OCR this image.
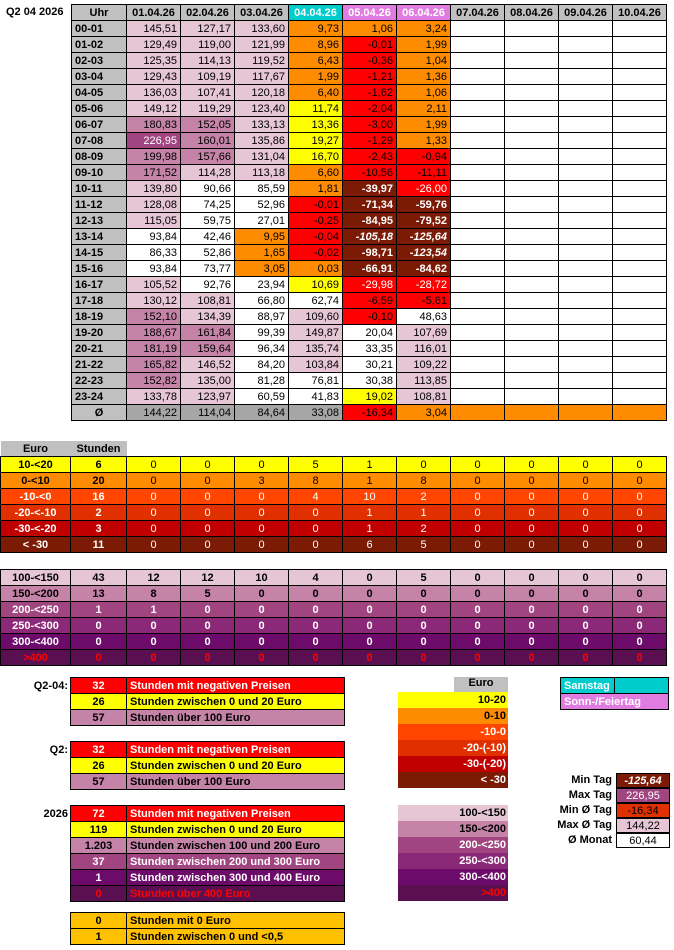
Q2 04 2026 Uhr	01.04.26	02.04.26	03.04.26	04.04.26	05.04.26	06.04.26	07.04.26	08.04.26	09.04.26	10.04.26
00-01	145,51	127,17	133,60	9,73	1,06	3,24				
01-02	129,49	119,00	121,99	8,96	-0,01	1,99				
02-03	125,35	114,13	119,52	6,43	-0,36	1,04				
03-04	129,43	109,19	117,67	1,99	-1,21	1,36				
04-05	136,03	107,41	120,18	6,40	-1,62	1,06				
05-06	149,12	119,29	123,40	11,74	-2,04	2,11				
06-07	180,83	152,05	133,13	13,36	-3,00	1,99				
07-08	226,95	160,01	135,86	19,27	-1,29	1,33				
08-09	199,98	157,66	131,04	16,70	-2,43	-0,94				
09-10	171,52	114,28	113,18	6,60	-10,56	-11,11				
10-11	139,80	90,66	85,59	1,81	-39,97	-26,00				
11-12	128,08	74,25	52,96	-0,01	-71,34	-59,76				
12-13	115,05	59,75	27,01	-0,25	-84,95	-79,52				
13-14	93,84	42,46	9,95	-0,04	-105,18	-125,64				
14-15	86,33	52,86	1,65	-0,02	-98,71	-123,54				
15-16	93,84	73,77	3,05	0,03	-66,91	-84,62				
16-17	105,52	92,76	23,94	10,69	-29,98	-28,72				
17-18	130,12	108,81	66,80	62,74	-6,59	-5,61				
18-19	152,10	134,39	88,97	109,60	-0,10	48,63				
19-20	188,67	161,84	99,39	149,87	20,04	107,69				
20-21	181,19	159,64	96,34	135,74	33,35	116,01				
21-22	165,82	146,52	84,20	103,84	30,21	109,22				
22-23	152,82	135,00	81,28	76,81	30,38	113,85				
23-24	133,78	123,97	60,59	41,83	19,02	108,81				
Ø	144,22	114,04	84,64	33,08	-16,34	3,04				
Euro	Stunden										
10-<20	6	0	0	0	5	1	0	0	0	0	0
0-<10	20	0	0	3	8	1	8	0	0	0	0
-10-<0	16	0	0	0	4	10	2	0	0	0	0
-20-<-10	2	0	0	0	0	1	1	0	0	0	0
-30-<-20	3	0	0	0	0	1	2	0	0	0	0
< -30	11	0	0	0	0	6	5	0	0	0	0
100-<150	43	12	12	10	4	0	5	0	0	0	0
150-<200	13	8	5	0	0	0	0	0	0	0	0
200-<250	1	1	0	0	0	0	0	0	0	0	0
250-<300	0	0	0	0	0	0	0	0	0	0	0
300-<400	0	0	0	0	0	0	0	0	0	0	0
>400	0	0	0	0	0	0	0	0	0	0	0
Q2-04: 32	Stunden mit negativen Preisen
26	Stunden zwischen 0 und 20 Euro
57	Stunden über 100 Euro
Q2: 32	Stunden mit negativen Preisen
26	Stunden zwischen 0 und 20 Euro
57	Stunden über 100 Euro
2026 72	Stunden mit negativen Preisen
119	Stunden zwischen 0 und 20 Euro
1.203	Stunden zwischen 100 und 200 Euro
37	Stunden zwischen 200 und 300 Euro
1	Stunden zwischen 300 und 400 Euro
0	Stunden über 400 Euro
0	Stunden mit 0 Euro
1	Stunden zwischen 0 und <0,5
Euro
10-20
0-10
-10-0
-20-(-10)
-30-(-20)
< -30
100-<150
150-<200
200-<250
250-<300
300-<400
>400
Samstag	
Sonn-/Feiertag
Min Tag	-125,64
Max Tag	226,95
Min Ø Tag	-16,34
Max Ø Tag	144,22
Ø Monat	60,44
